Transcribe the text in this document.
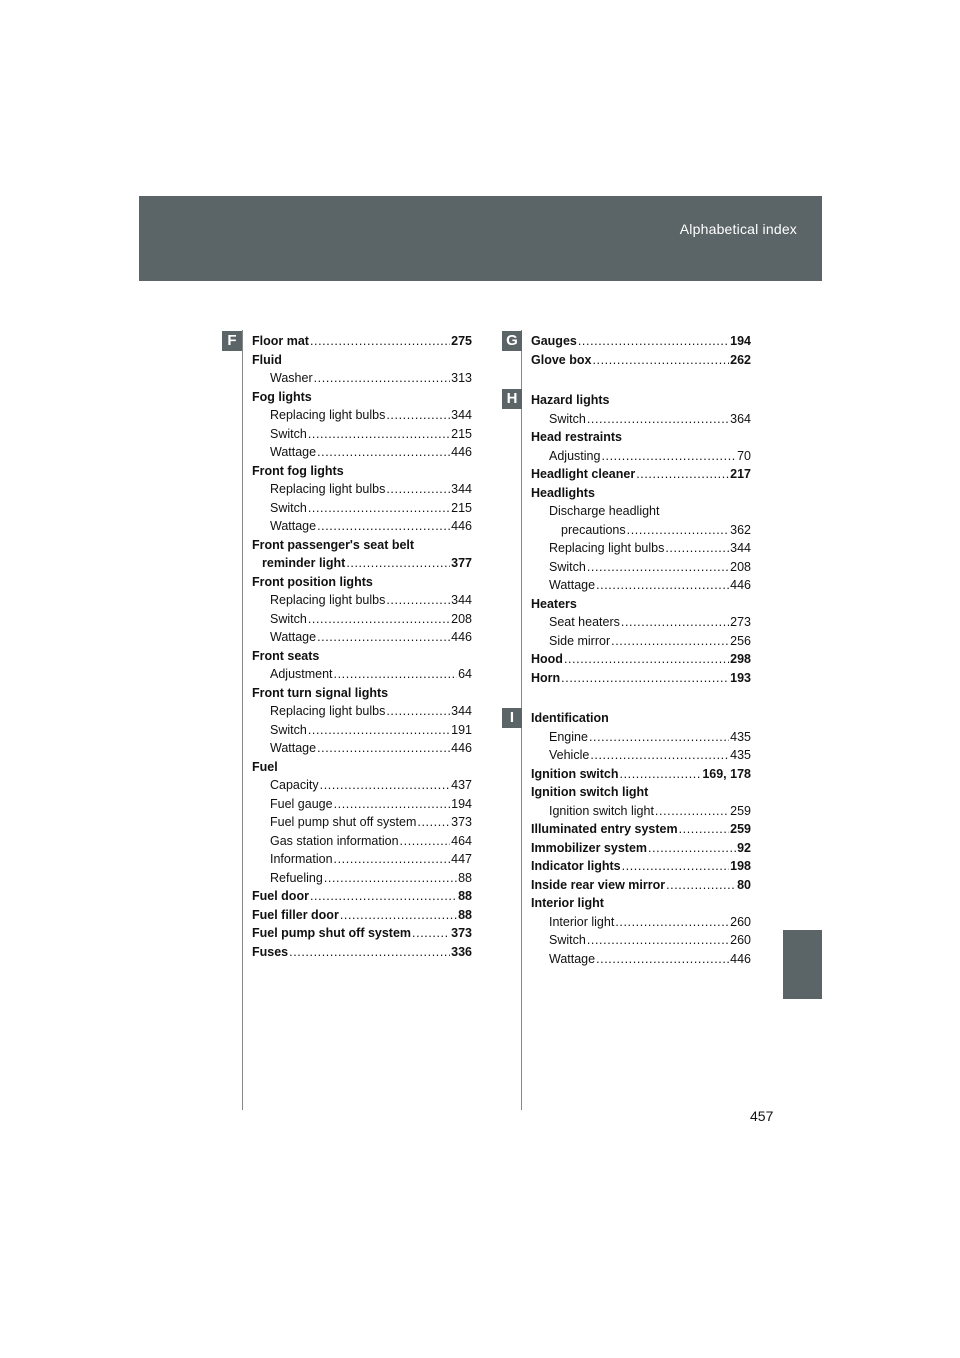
Alphabetical index
F	G
H
I
Floor mat .....	275
Fluid
Washer .....	313
Fog lights
Replacing light bulbs .....	344
Switch .....	215
Wattage .....	446
Front fog lights
Replacing light bulbs .....	344
Switch .....	215
Wattage .....	446
Front passenger's seat belt
reminder light .....	377
Front position lights
Replacing light bulbs .....	344
Switch .....	208
Wattage .....	446
Front seats
Adjustment .....	64
Front turn signal lights
Replacing light bulbs .....	344
Switch .....	191
Wattage .....	446
Fuel
Capacity .....	437
Fuel gauge .....	194
Fuel pump shut off system .....	373
Gas station information .....	464
Information .....	447
Refueling .....	88
Fuel door .....	88
Fuel filler door .....	88
Fuel pump shut off system .....	373
Fuses .....	336
Gauges .....	194
Glove box .....	262
Hazard lights
Switch .....	364
Head restraints
Adjusting .....	70
Headlight cleaner .....	217
Headlights
Discharge headlight
precautions .....	362
Replacing light bulbs .....	344
Switch .....	208
Wattage .....	446
Heaters
Seat heaters .....	273
Side mirror .....	256
Hood .....	298
Horn .....	193
Identification
Engine .....	435
Vehicle .....	435
Ignition switch .....	169, 178
Ignition switch light
Ignition switch light .....	259
Illuminated entry system .....	259
Immobilizer system .....	92
Indicator lights .....	198
Inside rear view mirror .....	80
Interior light
Interior light .....	260
Switch .....	260
Wattage .....	446
457
